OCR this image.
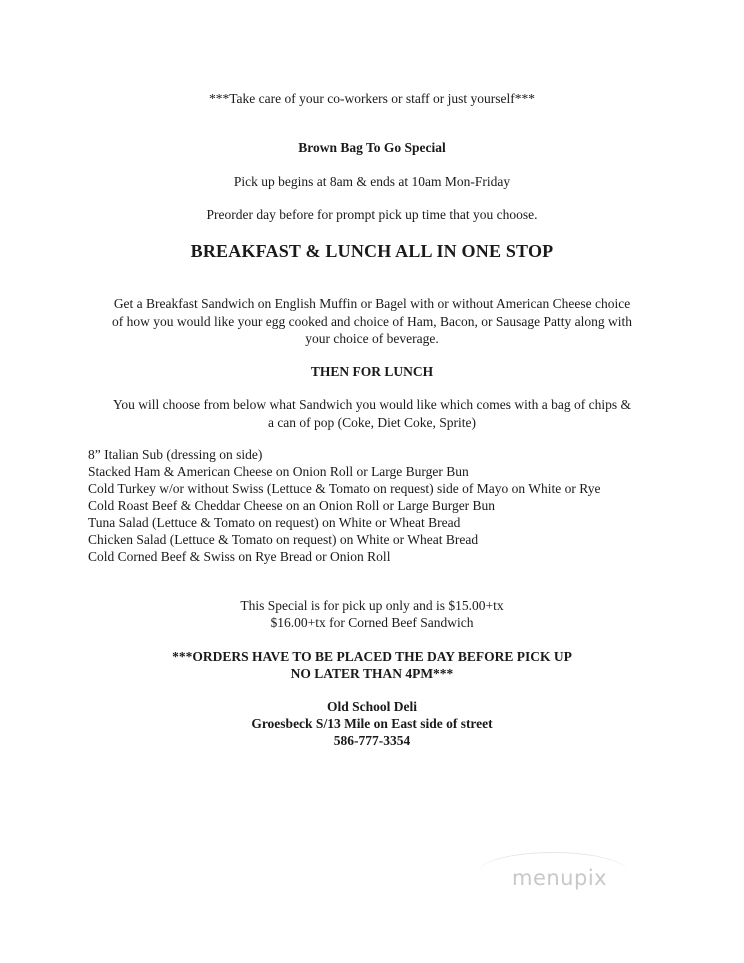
***Take care of your co-workers or staff or just yourself***
Brown Bag To Go Special
Pick up begins at 8am & ends at 10am Mon-Friday
Preorder day before for prompt pick up time that you choose.
BREAKFAST & LUNCH ALL IN ONE STOP
Get a Breakfast Sandwich on English Muffin or Bagel with or without American Cheese choice
of how you would like your egg cooked and choice of Ham, Bacon, or Sausage Patty along with
your choice of beverage.
THEN FOR LUNCH
You will choose from below what Sandwich you would like which comes with a bag of chips &
a can of pop (Coke, Diet Coke, Sprite)
8” Italian Sub (dressing on side)
Stacked Ham & American Cheese on Onion Roll or Large Burger Bun
Cold Turkey w/or without Swiss (Lettuce & Tomato on request) side of Mayo on White or Rye
Cold Roast Beef & Cheddar Cheese on an Onion Roll or Large Burger Bun
Tuna Salad (Lettuce & Tomato on request) on White or Wheat Bread
Chicken Salad (Lettuce & Tomato on request) on White or Wheat Bread
Cold Corned Beef & Swiss on Rye Bread or Onion Roll
This Special is for pick up only and is $15.00+tx
$16.00+tx for Corned Beef Sandwich
***ORDERS HAVE TO BE PLACED THE DAY BEFORE PICK UP
NO LATER THAN 4PM***
Old School Deli
Groesbeck S/13 Mile on East side of street
586-777-3354
menupix
